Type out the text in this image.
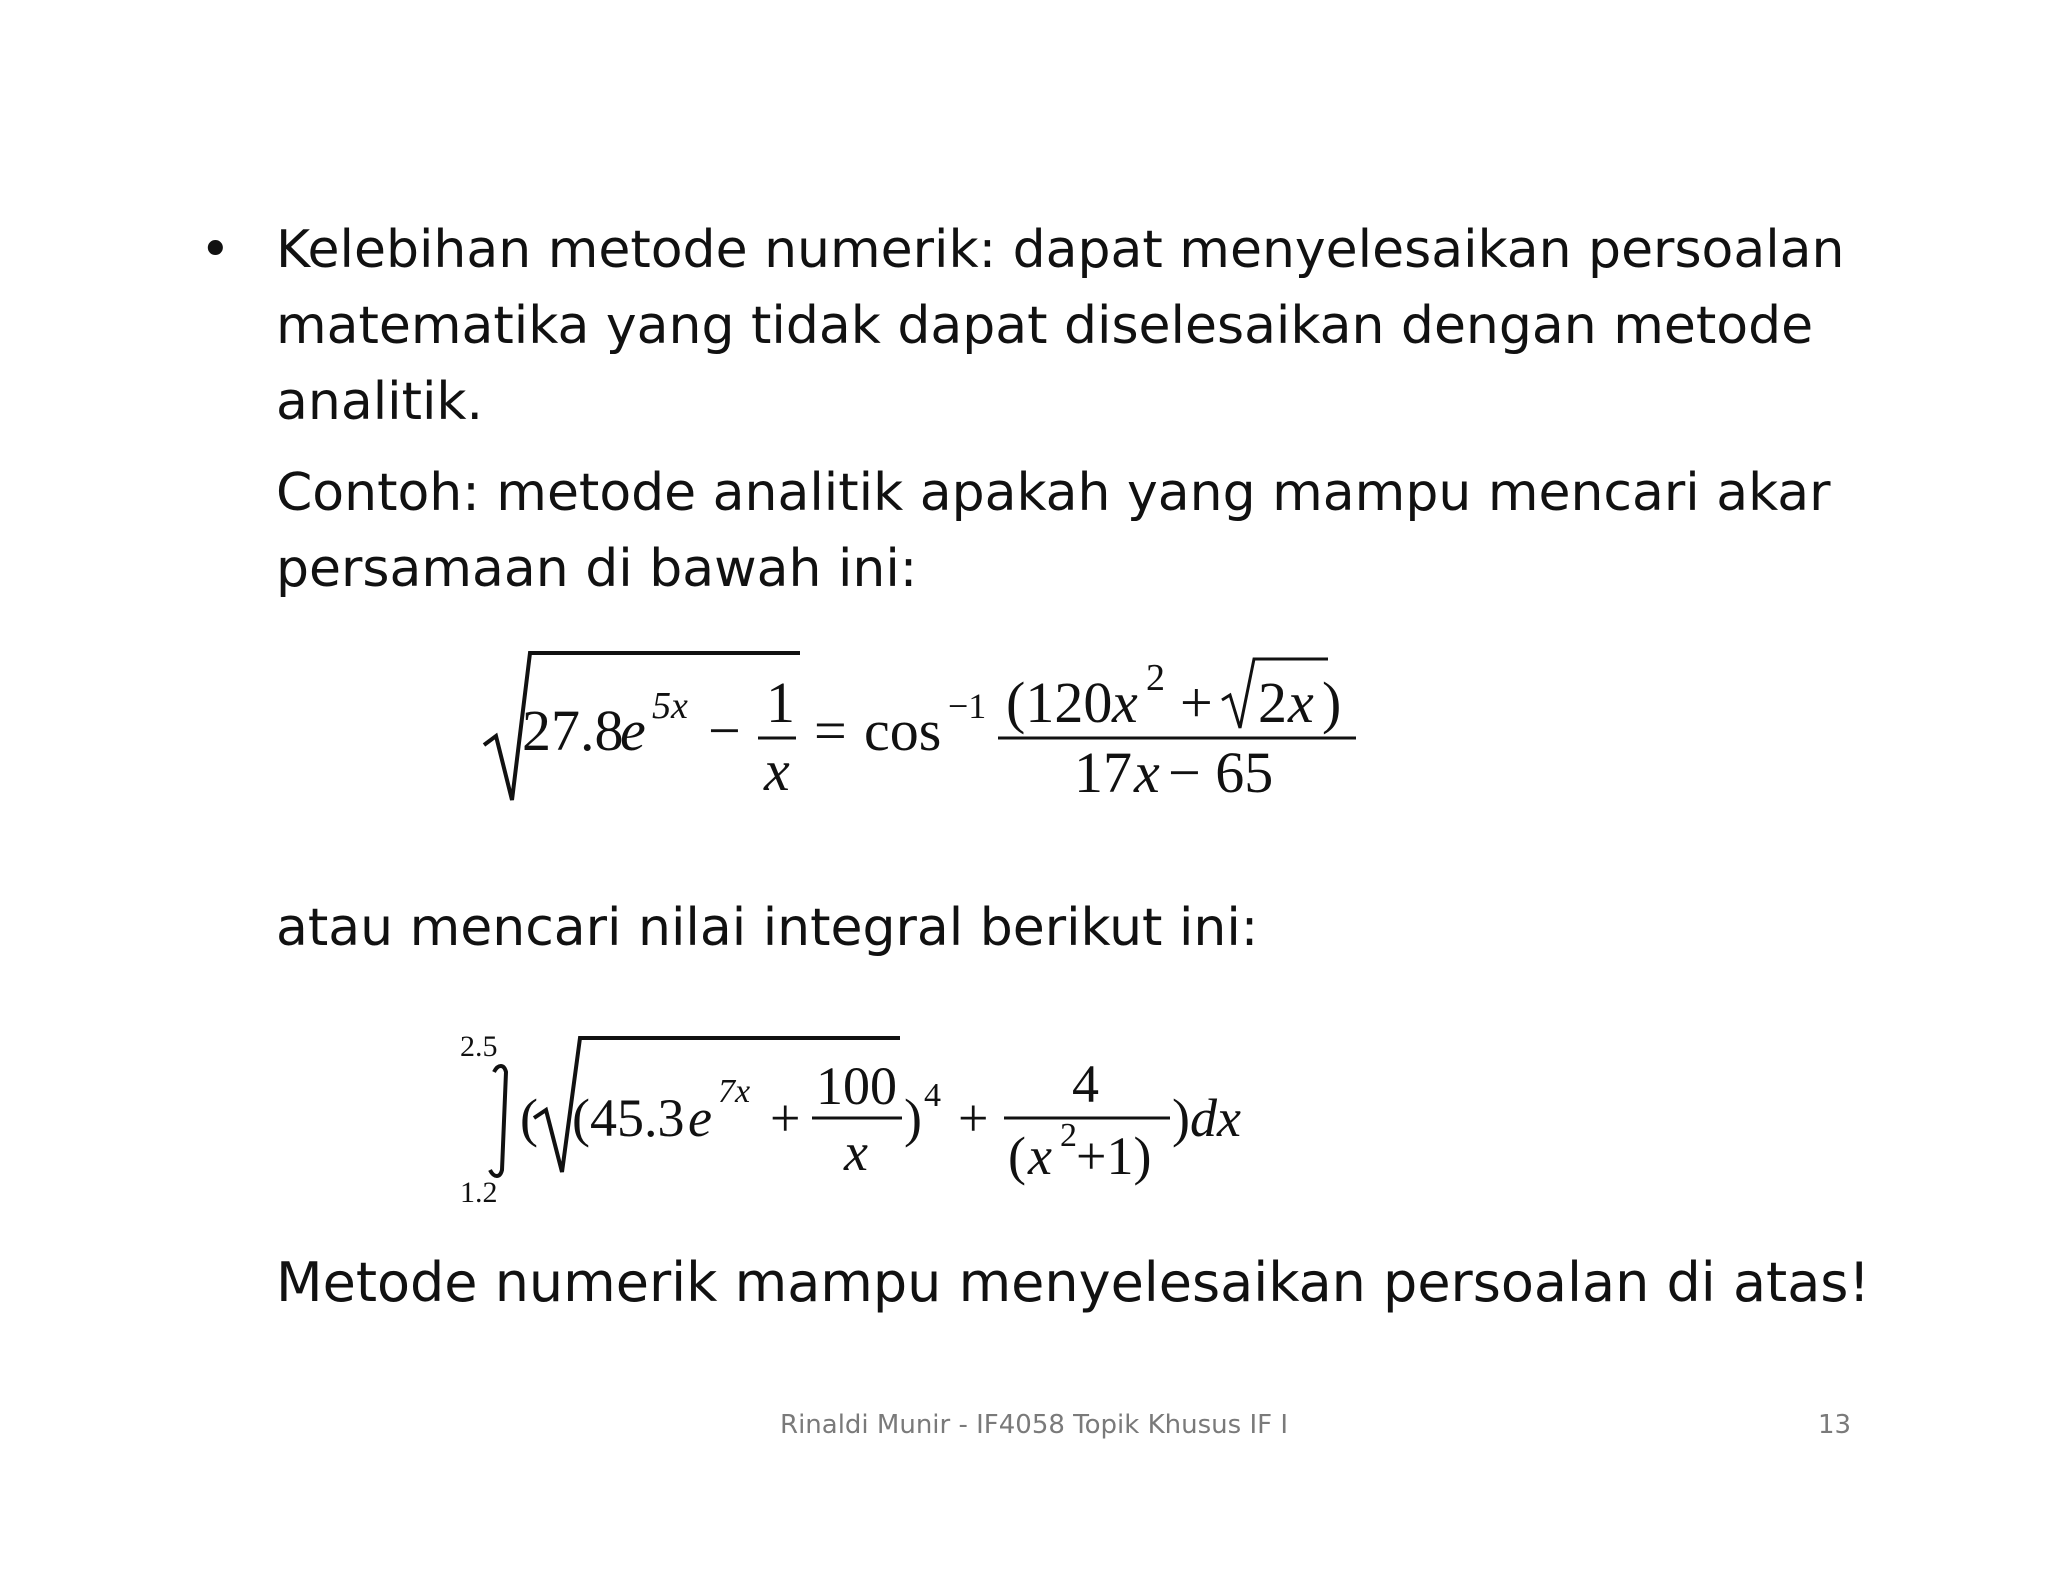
• Kelebihan metode numerik: dapat menyelesaikan persoalan
matematika yang tidak dapat diselesaikan dengan metode
analitik.
Contoh: metode analitik apakah yang mampu mencari akar
persamaan di bawah ini:
27.8
e 5x − 1
x
= cos −1 (120 x 2 + 2 x )
17 x − 65
atau mencari nilai integral berikut ini:
2.5
1.2
( (45.3 e 7x +
100
x
) 4 +
4
( x 2 +1)
) dx
Metode numerik mampu menyelesaikan persoalan di atas!
Rinaldi Munir - IF4058 Topik Khusus IF I	13
